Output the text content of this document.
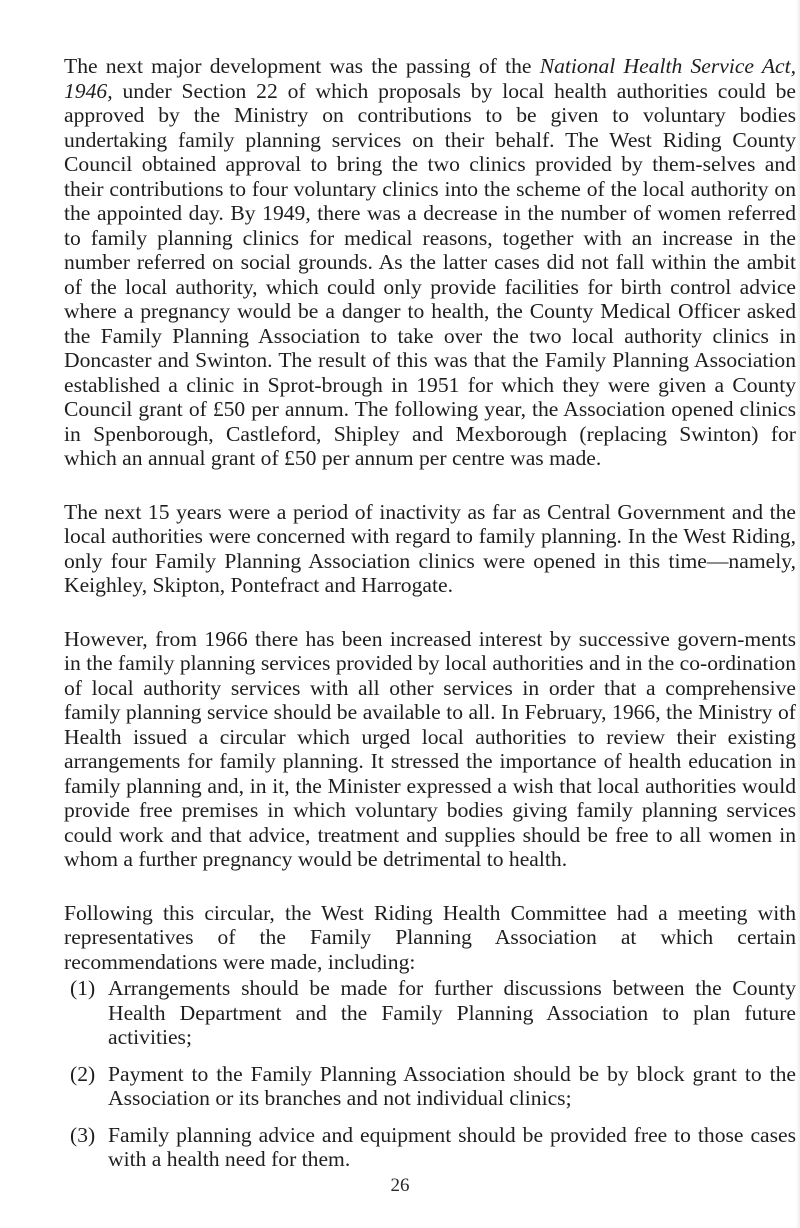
The next major development was the passing of the National Health Service Act, 1946, under Section 22 of which proposals by local health authorities could be approved by the Ministry on contributions to be given to voluntary bodies undertaking family planning services on their behalf. The West Riding County Council obtained approval to bring the two clinics provided by them-selves and their contributions to four voluntary clinics into the scheme of the local authority on the appointed day. By 1949, there was a decrease in the number of women referred to family planning clinics for medical reasons, together with an increase in the number referred on social grounds. As the latter cases did not fall within the ambit of the local authority, which could only provide facilities for birth control advice where a pregnancy would be a danger to health, the County Medical Officer asked the Family Planning Association to take over the two local authority clinics in Doncaster and Swinton. The result of this was that the Family Planning Association established a clinic in Sprot-brough in 1951 for which they were given a County Council grant of £50 per annum. The following year, the Association opened clinics in Spenborough, Castleford, Shipley and Mexborough (replacing Swinton) for which an annual grant of £50 per annum per centre was made.

The next 15 years were a period of inactivity as far as Central Government and the local authorities were concerned with regard to family planning. In the West Riding, only four Family Planning Association clinics were opened in this time—namely, Keighley, Skipton, Pontefract and Harrogate.

However, from 1966 there has been increased interest by successive govern-ments in the family planning services provided by local authorities and in the co-ordination of local authority services with all other services in order that a comprehensive family planning service should be available to all. In February, 1966, the Ministry of Health issued a circular which urged local authorities to review their existing arrangements for family planning. It stressed the importance of health education in family planning and, in it, the Minister expressed a wish that local authorities would provide free premises in which voluntary bodies giving family planning services could work and that advice, treatment and supplies should be free to all women in whom a further pregnancy would be detrimental to health.

Following this circular, the West Riding Health Committee had a meeting with representatives of the Family Planning Association at which certain recommendations were made, including:

(1) Arrangements should be made for further discussions between the County Health Department and the Family Planning Association to plan future activities;
(2) Payment to the Family Planning Association should be by block grant to the Association or its branches and not individual clinics;
(3) Family planning advice and equipment should be provided free to those cases with a health need for them.
26
